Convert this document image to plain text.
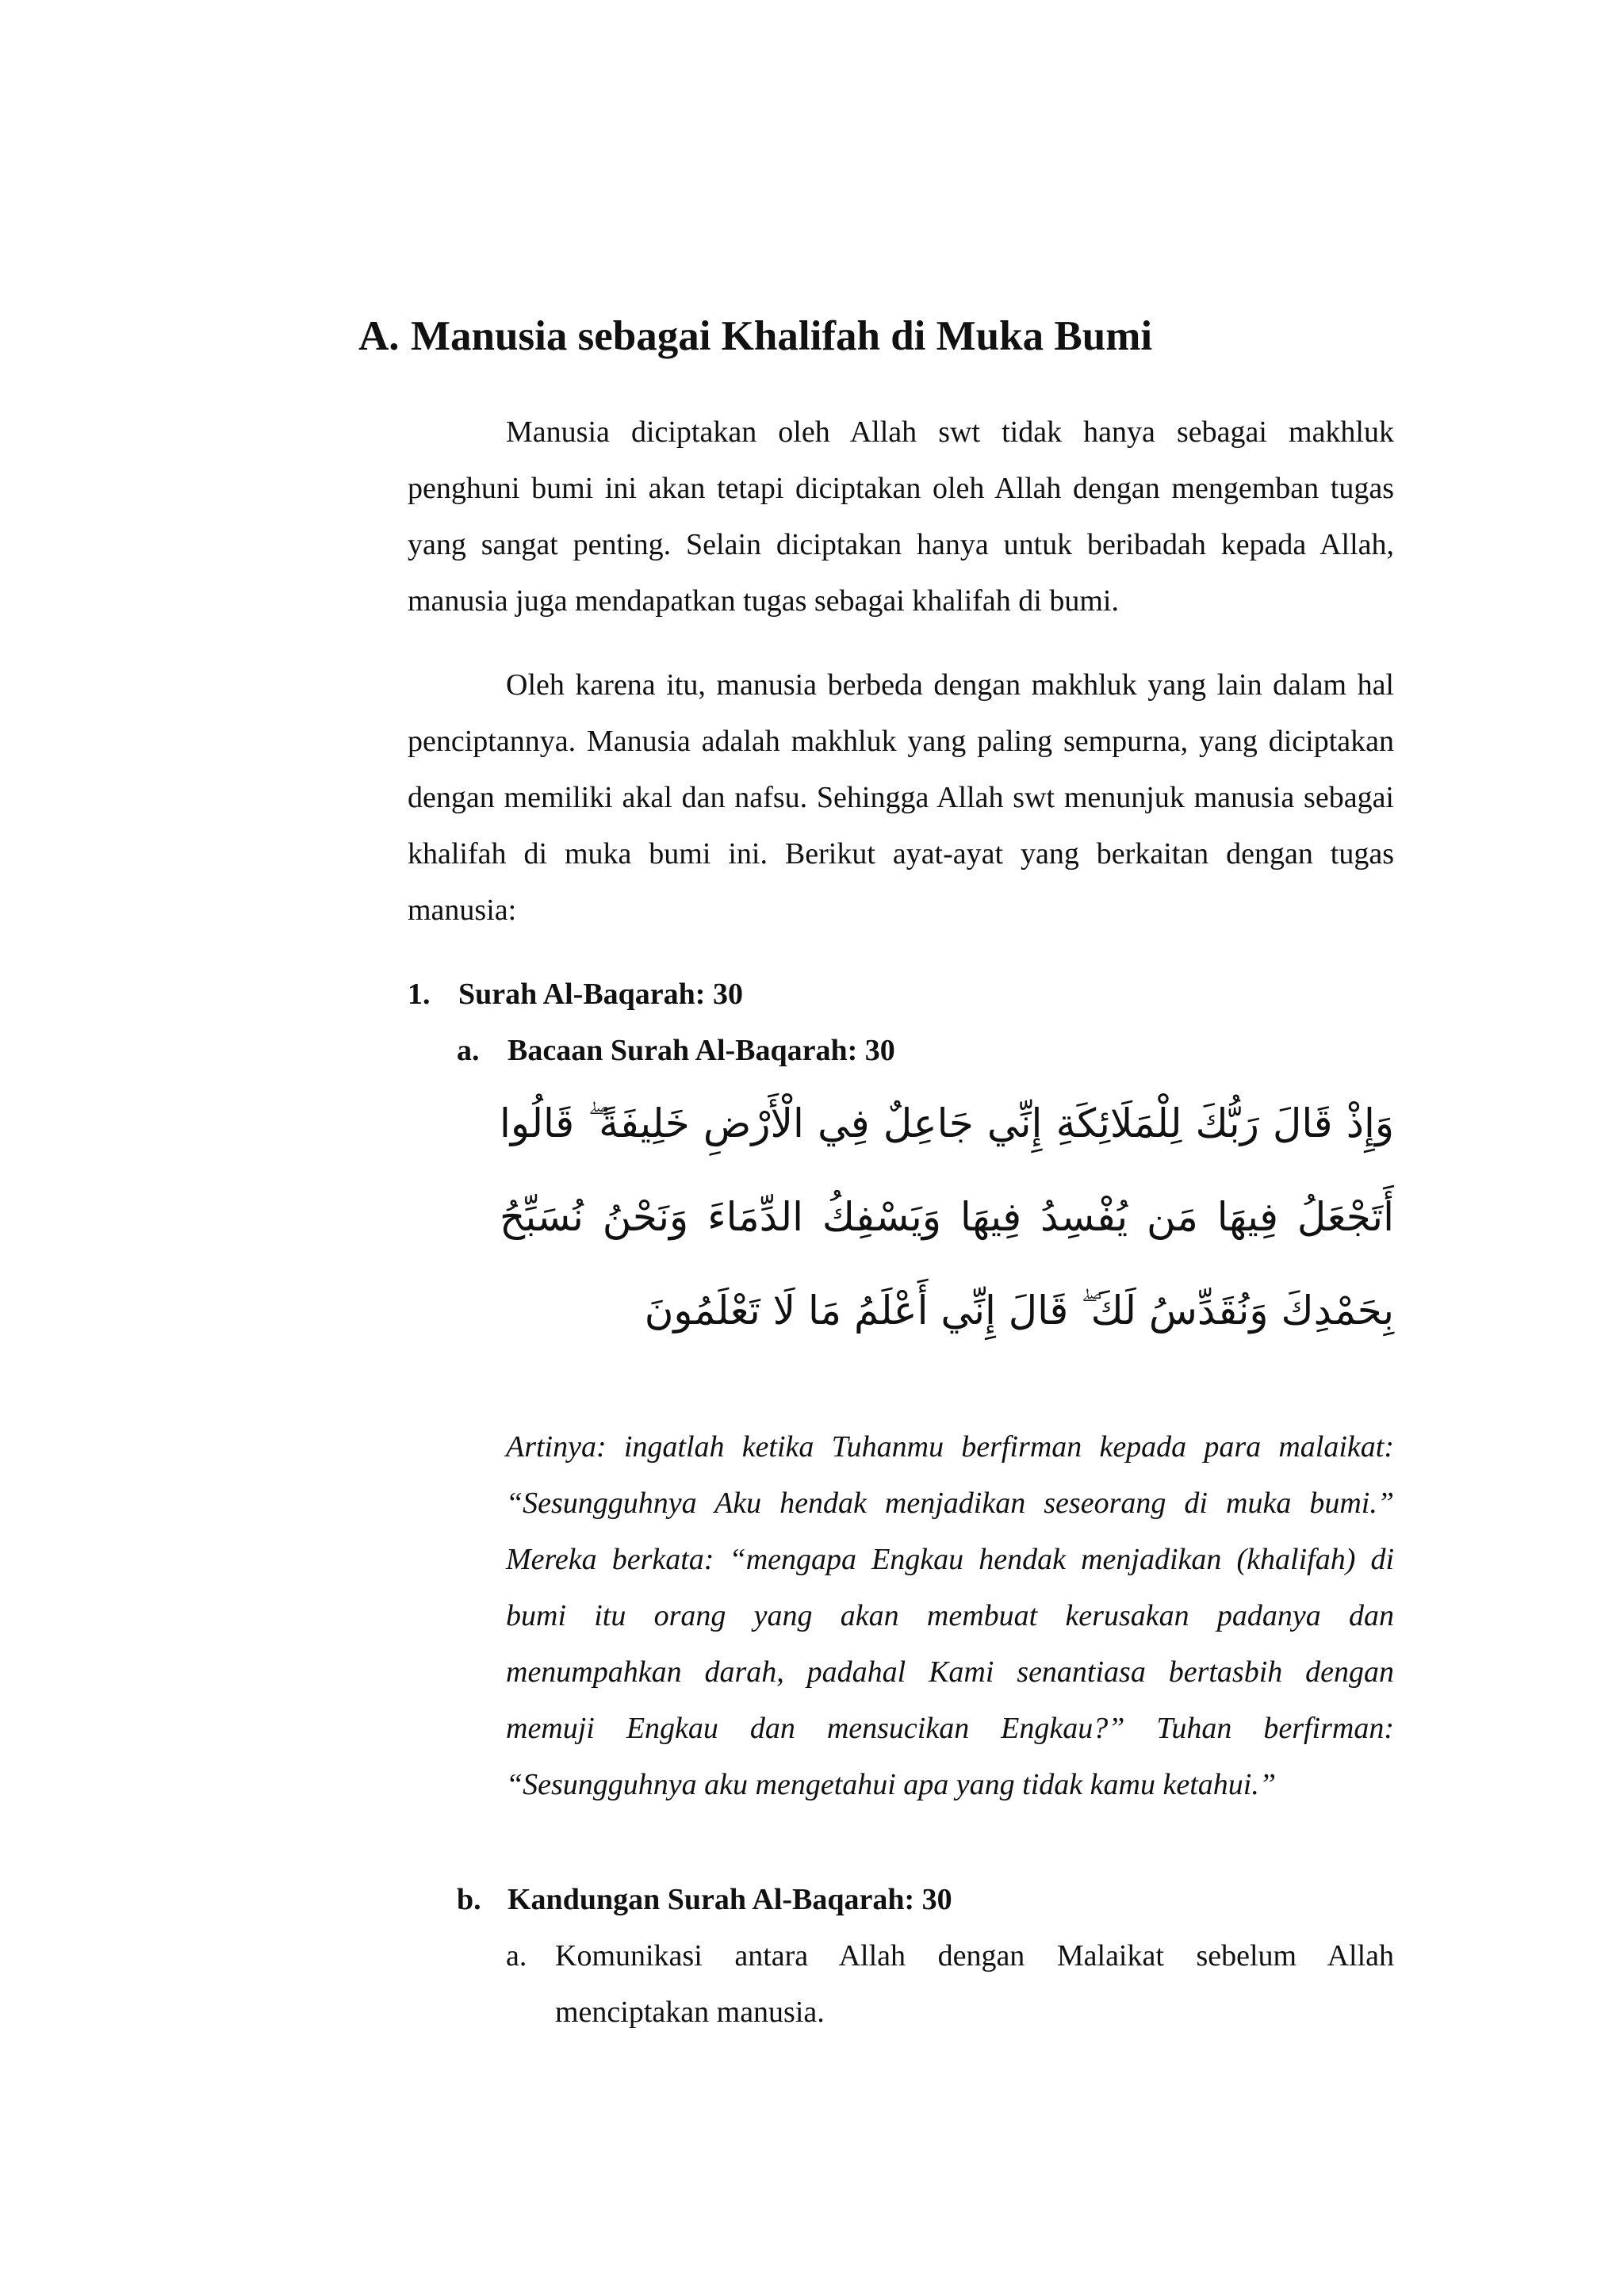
A. Manusia sebagai Khalifah di Muka Bumi

Manusia diciptakan oleh Allah swt tidak hanya sebagai makhluk penghuni bumi ini akan tetapi diciptakan oleh Allah dengan mengemban tugas yang sangat penting. Selain diciptakan hanya untuk beribadah kepada Allah, manusia juga mendapatkan tugas sebagai khalifah di bumi.

Oleh karena itu, manusia berbeda dengan makhluk yang lain dalam hal penciptannya. Manusia adalah makhluk yang paling sempurna, yang diciptakan dengan memiliki akal dan nafsu. Sehingga Allah swt menunjuk manusia sebagai khalifah di muka bumi ini. Berikut ayat-ayat yang berkaitan dengan tugas manusia:

1. Surah Al-Baqarah: 30
a. Bacaan Surah Al-Baqarah: 30

وَإِذْ قَالَ رَبُّكَ لِلْمَلَائِكَةِ إِنِّي جَاعِلٌ فِي الْأَرْضِ خَلِيفَةً ۖ قَالُوا أَتَجْعَلُ فِيهَا مَن يُفْسِدُ فِيهَا وَيَسْفِكُ الدِّمَاءَ وَنَحْنُ نُسَبِّحُ بِحَمْدِكَ وَنُقَدِّسُ لَكَ ۖ قَالَ إِنِّي أَعْلَمُ مَا لَا تَعْلَمُونَ

Artinya: ingatlah ketika Tuhanmu berfirman kepada para malaikat: “Sesungguhnya Aku hendak menjadikan seseorang di muka bumi.” Mereka berkata: “mengapa Engkau hendak menjadikan (khalifah) di bumi itu orang yang akan membuat kerusakan padanya dan menumpahkan darah, padahal Kami senantiasa bertasbih dengan memuji Engkau dan mensucikan Engkau?” Tuhan berfirman: “Sesungguhnya aku mengetahui apa yang tidak kamu ketahui.”

b. Kandungan Surah Al-Baqarah: 30
a. Komunikasi antara Allah dengan Malaikat sebelum Allah menciptakan manusia.
